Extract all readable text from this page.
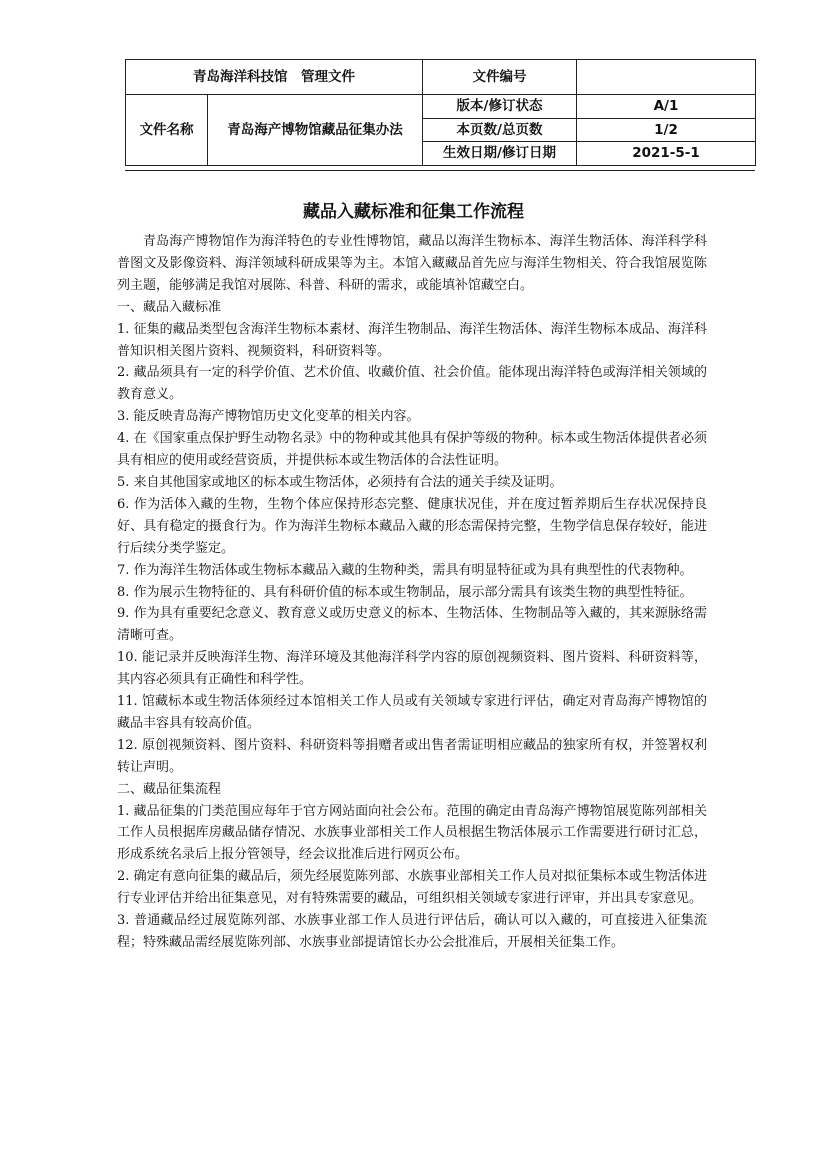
青岛海洋科技馆　管理文件		文件编号	
文件名称	青岛海产博物馆藏品征集办法	版本/修订状态	A/1
		本页数/总页数	1/2
		生效日期/修订日期	2021-5-1
藏品入藏标准和征集工作流程

青岛海产博物馆作为海洋特色的专业性博物馆，藏品以海洋生物标本、海洋生物活体、海洋科学科普图文及影像资料、海洋领域科研成果等为主。本馆入藏藏品首先应与海洋生物相关、符合我馆展览陈列主题，能够满足我馆对展陈、科普、科研的需求，或能填补馆藏空白。

一、藏品入藏标准

1. 征集的藏品类型包含海洋生物标本素材、海洋生物制品、海洋生物活体、海洋生物标本成品、海洋科普知识相关图片资料、视频资料，科研资料等。

2. 藏品须具有一定的科学价值、艺术价值、收藏价值、社会价值。能体现出海洋特色或海洋相关领域的教育意义。

3. 能反映青岛海产博物馆历史文化变革的相关内容。

4. 在《国家重点保护野生动物名录》中的物种或其他具有保护等级的物种。标本或生物活体提供者必须具有相应的使用或经营资质，并提供标本或生物活体的合法性证明。

5. 来自其他国家或地区的标本或生物活体，必须持有合法的通关手续及证明。

6. 作为活体入藏的生物，生物个体应保持形态完整、健康状况佳，并在度过暂养期后生存状况保持良好、具有稳定的摄食行为。作为海洋生物标本藏品入藏的形态需保持完整，生物学信息保存较好，能进行后续分类学鉴定。

7. 作为海洋生物活体或生物标本藏品入藏的生物种类，需具有明显特征或为具有典型性的代表物种。

8. 作为展示生物特征的、具有科研价值的标本或生物制品，展示部分需具有该类生物的典型性特征。

9. 作为具有重要纪念意义、教育意义或历史意义的标本、生物活体、生物制品等入藏的，其来源脉络需清晰可查。

10. 能记录并反映海洋生物、海洋环境及其他海洋科学内容的原创视频资料、图片资料、科研资料等，其内容必须具有正确性和科学性。

11. 馆藏标本或生物活体须经过本馆相关工作人员或有关领域专家进行评估，确定对青岛海产博物馆的藏品丰容具有较高价值。

12. 原创视频资料、图片资料、科研资料等捐赠者或出售者需证明相应藏品的独家所有权，并签署权利转让声明。

二、藏品征集流程

1. 藏品征集的门类范围应每年于官方网站面向社会公布。范围的确定由青岛海产博物馆展览陈列部相关工作人员根据库房藏品储存情况、水族事业部相关工作人员根据生物活体展示工作需要进行研讨汇总，形成系统名录后上报分管领导，经会议批准后进行网页公布。

2. 确定有意向征集的藏品后，须先经展览陈列部、水族事业部相关工作人员对拟征集标本或生物活体进行专业评估并给出征集意见，对有特殊需要的藏品，可组织相关领域专家进行评审，并出具专家意见。

3. 普通藏品经过展览陈列部、水族事业部工作人员进行评估后，确认可以入藏的，可直接进入征集流程；特殊藏品需经展览陈列部、水族事业部提请馆长办公会批准后，开展相关征集工作。
